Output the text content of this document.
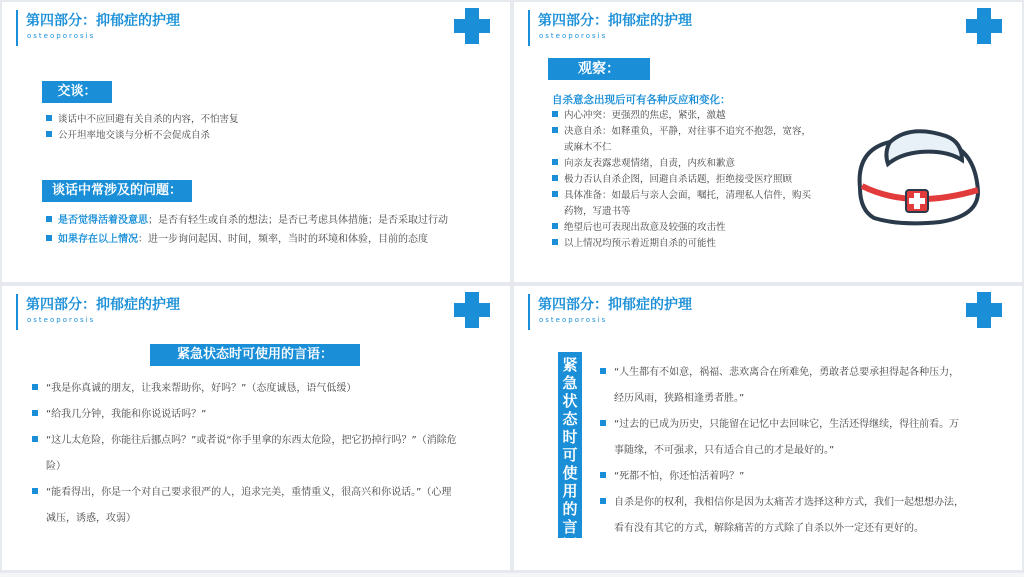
第四部分：抑郁症的护理
osteoporosis
交谈：
谈话中不应回避有关自杀的内容，不怕害复
公开坦率地交谈与分析不会促成自杀
谈话中常涉及的问题：
是否觉得活着没意思；是否有轻生或自杀的想法；是否已考虑具体措施；是否采取过行动
如果存在以上情况：进一步询问起因、时间，频率，当时的环境和体验，目前的态度
第四部分：抑郁症的护理
osteoporosis
观察：
自杀意念出现后可有各种反应和变化：
内心冲突：更强烈的焦虑，紧张，激越
决意自杀：如释重负，平静，对往事不追究不抱怨，宽容，
或麻木不仁
向亲友表露悲观情绪，自责，内疚和歉意
极力否认自杀企图，回避自杀话题，拒绝接受医疗照顾
具体准备：如最后与亲人会面，嘱托，清理私人信件，购买
药物，写遗书等
绝望后也可表现出敌意及较强的攻击性
以上情况均预示着近期自杀的可能性
第四部分：抑郁症的护理
osteoporosis
紧急状态时可使用的言语：
“我是你真诚的朋友，让我来帮助你，好吗？”（态度诚恳，语气低缓）
“给我几分钟，我能和你说说话吗？”
“这儿太危险，你能往后挪点吗？”或者说“你手里拿的东西太危险，把它扔掉行吗？”（消除危
险）
“能看得出，你是一个对自己要求很严的人，追求完美，重情重义，很高兴和你说话。”（心理
减压，诱惑，攻弱）
第四部分：抑郁症的护理
osteoporosis
紧
急
状
态
时
可
使
用
的
言
语
：
“人生都有不如意，祸福、悲欢离合在所难免，勇敢者总要承担得起各种压力，
经历风雨，狭路相逢勇者胜。”
“过去的已成为历史，只能留在记忆中去回味它，生活还得继续，得往前看。万
事随缘，不可强求，只有适合自己的才是最好的。”
“死都不怕，你还怕活着吗？”
自杀是你的权利，我相信你是因为太痛苦才选择这种方式，我们一起想想办法，
看有没有其它的方式，解除痛苦的方式除了自杀以外一定还有更好的。
